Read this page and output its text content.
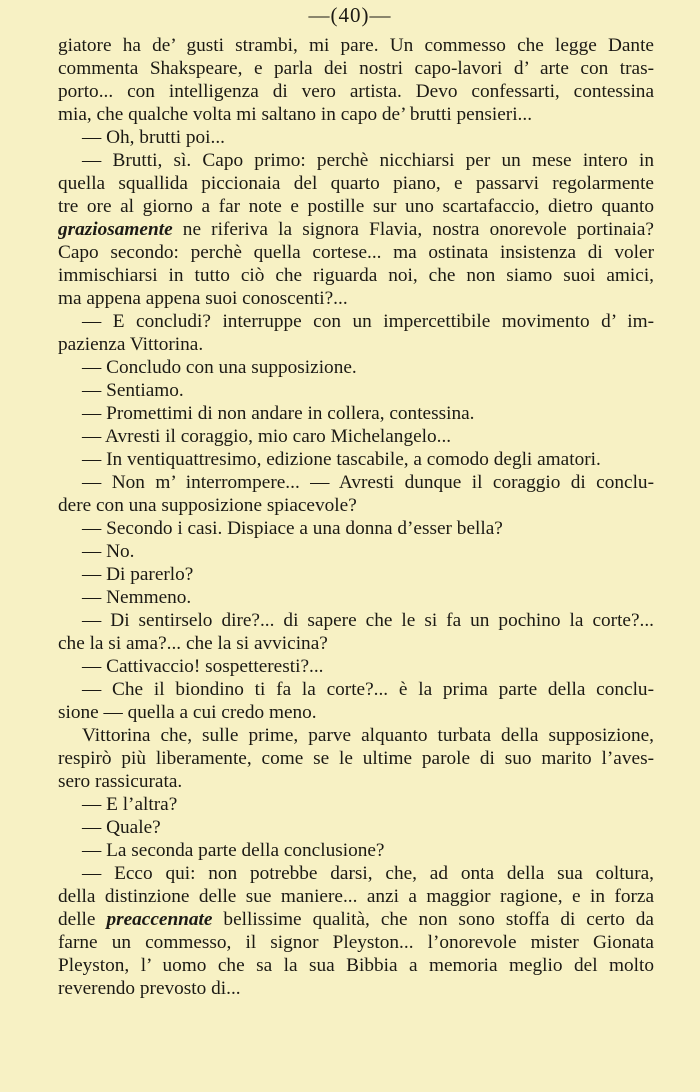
—(40)—
giatore ha de’ gusti strambi, mi pare. Un commesso che legge Dante
commenta Shakspeare, e parla dei nostri capo-lavori d’ arte con tras-
porto... con intelligenza di vero artista. Devo confessarti, contessina
mia, che qualche volta mi saltano in capo de’ brutti pensieri...
— Oh, brutti poi...
— Brutti, sì. Capo primo: perchè nicchiarsi per un mese intero in
quella squallida piccionaia del quarto piano, e passarvi regolarmente
tre ore al giorno a far note e postille sur uno scartafaccio, dietro quanto
graziosamente ne riferiva la signora Flavia, nostra onorevole portinaia?
Capo secondo: perchè quella cortese... ma ostinata insistenza di voler
immischiarsi in tutto ciò che riguarda noi, che non siamo suoi amici,
ma appena appena suoi conoscenti?...
— E concludi? interruppe con un impercettibile movimento d’ im-
pazienza Vittorina.
— Concludo con una supposizione.
— Sentiamo.
— Promettimi di non andare in collera, contessina.
— Avresti il coraggio, mio caro Michelangelo...
— In ventiquattresimo, edizione tascabile, a comodo degli amatori.
— Non m’ interrompere... — Avresti dunque il coraggio di conclu-
dere con una supposizione spiacevole?
— Secondo i casi. Dispiace a una donna d’esser bella?
— No.
— Di parerlo?
— Nemmeno.
— Di sentirselo dire?... di sapere che le si fa un pochino la corte?...
che la si ama?... che la si avvicina?
— Cattivaccio! sospetteresti?...
— Che il biondino ti fa la corte?... è la prima parte della conclu-
sione — quella a cui credo meno.
Vittorina che, sulle prime, parve alquanto turbata della supposizione,
respirò più liberamente, come se le ultime parole di suo marito l’aves-
sero rassicurata.
— E l’altra?
— Quale?
— La seconda parte della conclusione?
— Ecco qui: non potrebbe darsi, che, ad onta della sua coltura,
della distinzione delle sue maniere... anzi a maggior ragione, e in forza
delle preaccennate bellissime qualità, che non sono stoffa di certo da
farne un commesso, il signor Pleyston... l’onorevole mister Gionata
Pleyston, l’ uomo che sa la sua Bibbia a memoria meglio del molto
reverendo prevosto di...
